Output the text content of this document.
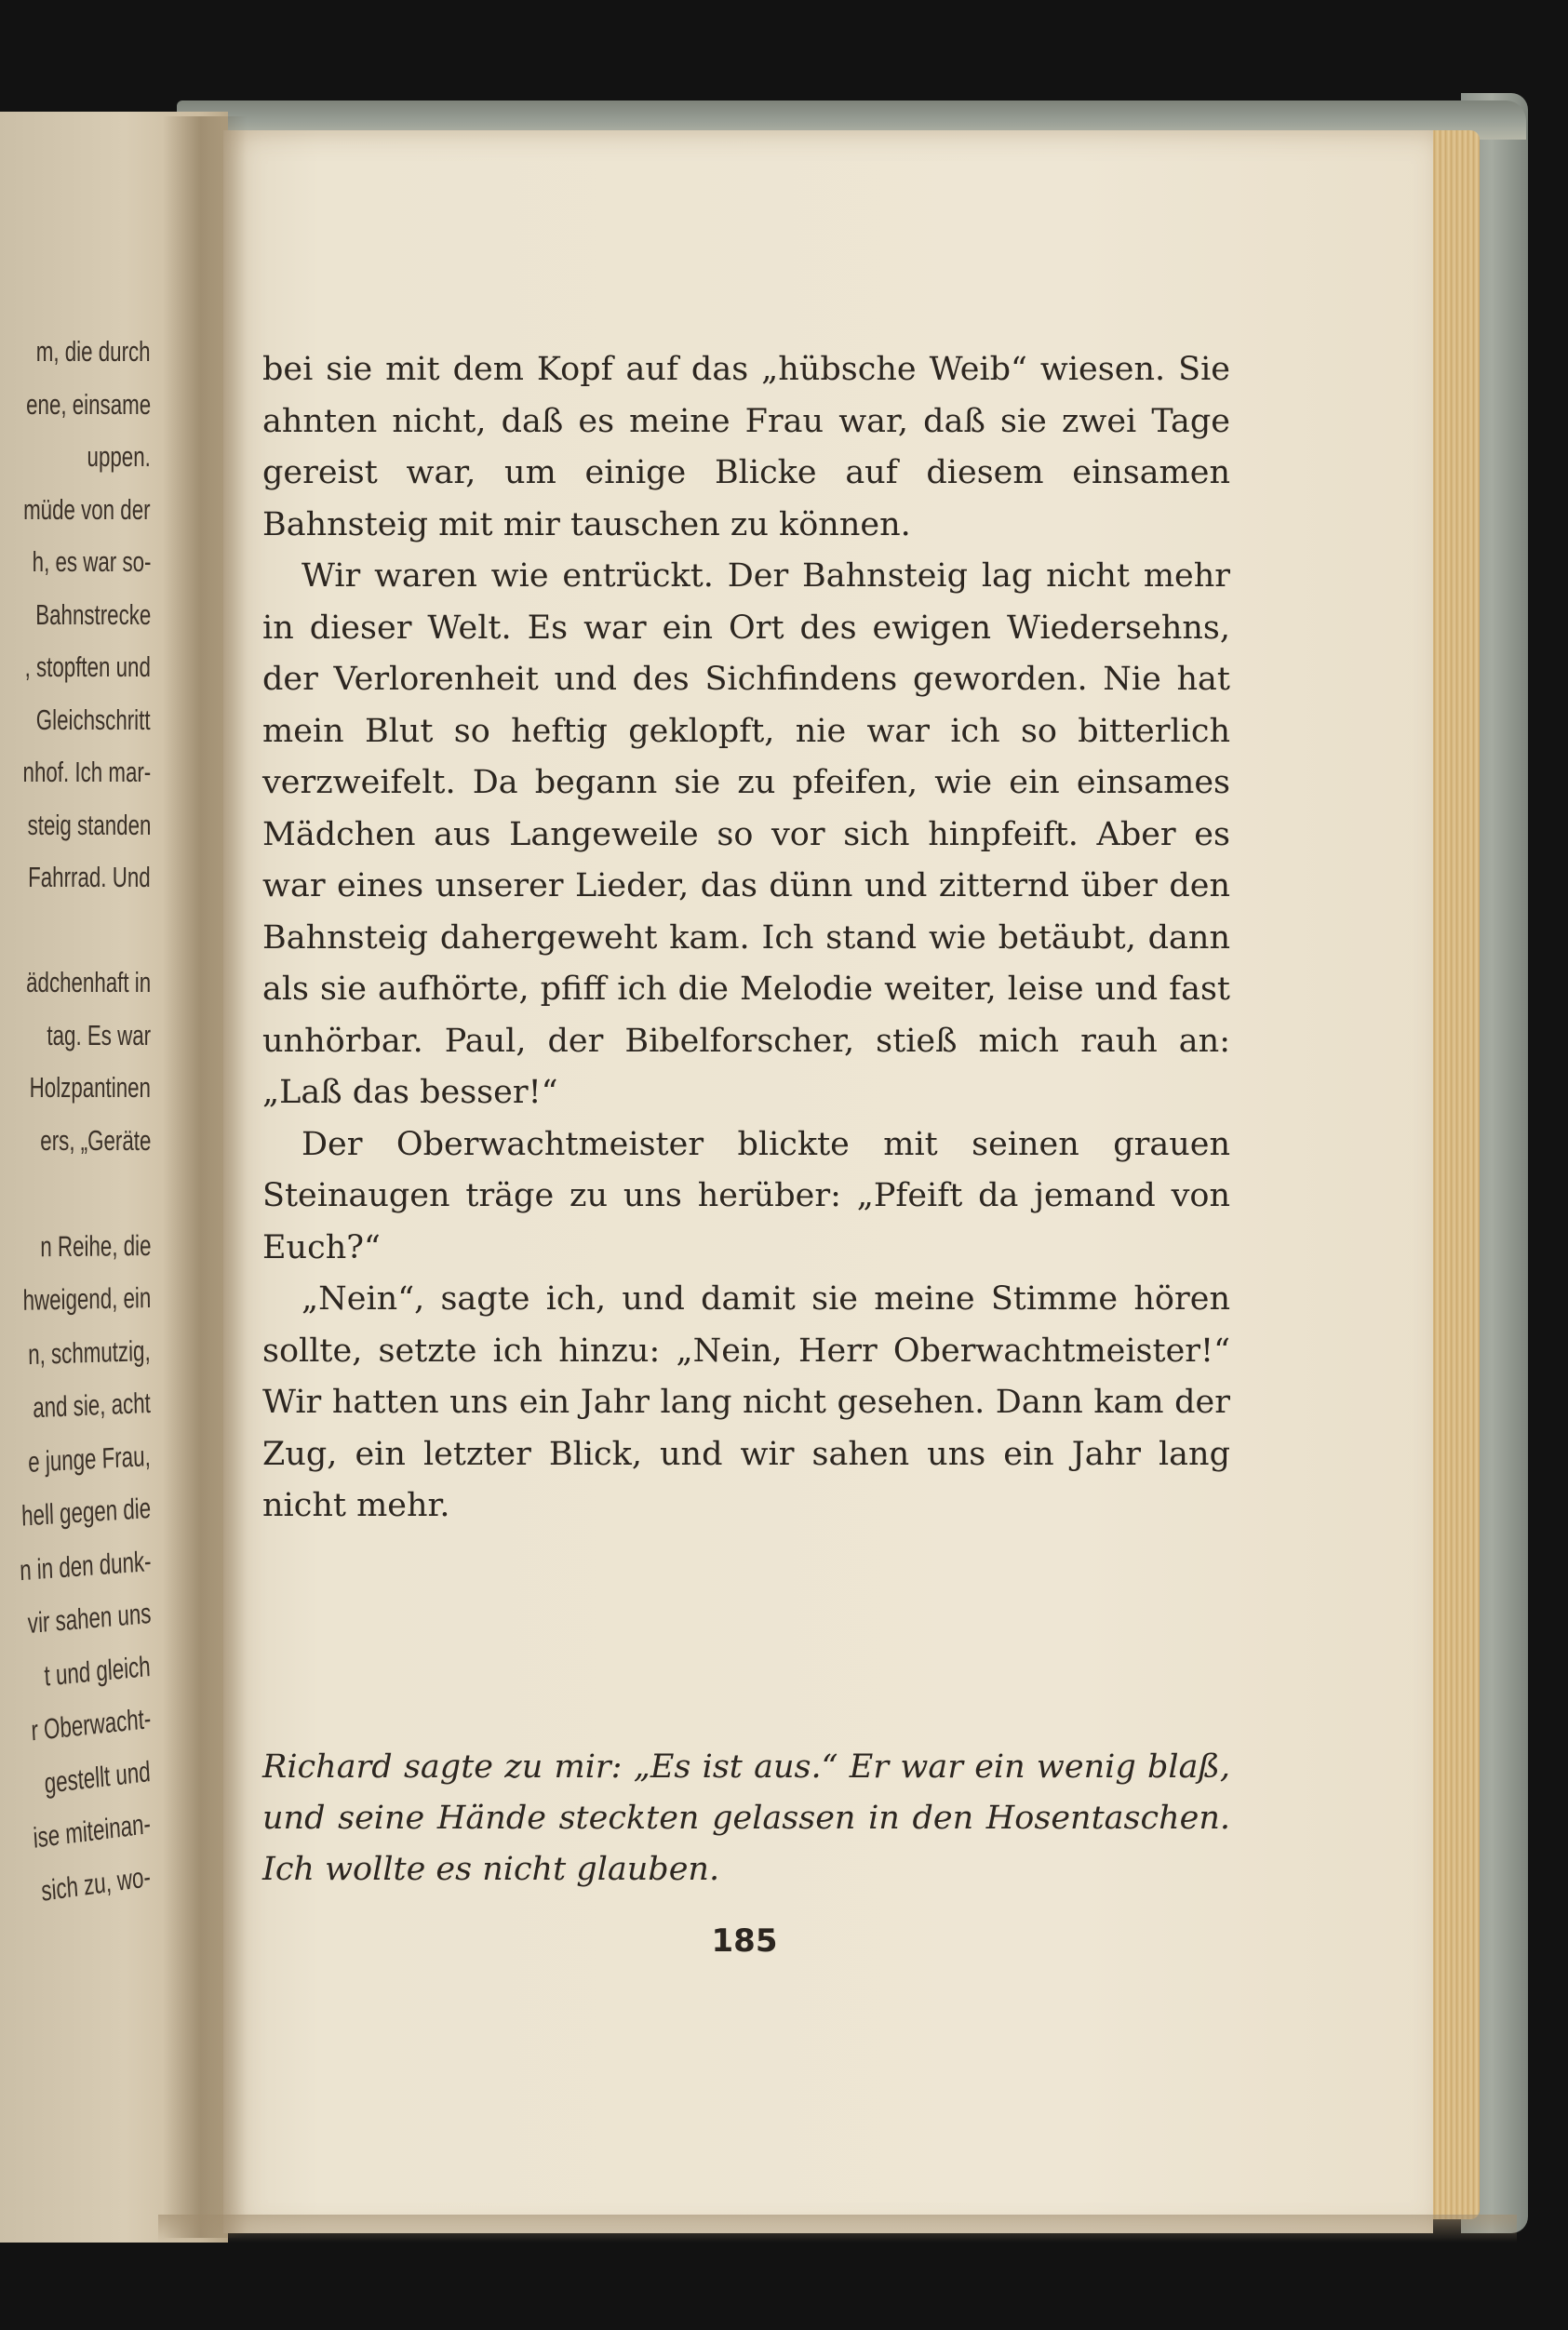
m, die durch
ene, einsame
uppen.
müde von der
h, es war so-
Bahnstrecke
, stopften und
Gleichschritt
nhof. Ich mar-
steig standen
Fahrrad. Und
ädchenhaft in
tag. Es war
Holzpantinen
ers, „Geräte
n Reihe, die
hweigend, ein
n, schmutzig,
and sie, acht
e junge Frau,
hell gegen die
n in den dunk-
vir sahen uns
t und gleich
r Oberwacht-
gestellt und
ise miteinan-
sich zu, wo-

bei sie mit dem Kopf auf das „hübsche Weib“ wiesen. Sie ahnten nicht, daß es meine Frau war, daß sie zwei Tage gereist war, um einige Blicke auf diesem einsamen Bahnsteig mit mir tauschen zu können.

Wir waren wie entrückt. Der Bahnsteig lag nicht mehr in dieser Welt. Es war ein Ort des ewigen Wiedersehns, der Verlorenheit und des Sichfindens geworden. Nie hat mein Blut so heftig geklopft, nie war ich so bitterlich verzweifelt. Da begann sie zu pfeifen, wie ein einsames Mädchen aus Langeweile so vor sich hinpfeift. Aber es war eines unserer Lieder, das dünn und zitternd über den Bahnsteig dahergeweht kam. Ich stand wie betäubt, dann als sie aufhörte, pfiff ich die Melodie weiter, leise und fast unhörbar. Paul, der Bibelforscher, stieß mich rauh an: „Laß das besser!“

Der Oberwachtmeister blickte mit seinen grauen Steinaugen träge zu uns herüber: „Pfeift da jemand von Euch?“

„Nein“, sagte ich, und damit sie meine Stimme hören sollte, setzte ich hinzu: „Nein, Herr Oberwachtmeister!“ Wir hatten uns ein Jahr lang nicht gesehen. Dann kam der Zug, ein letzter Blick, und wir sahen uns ein Jahr lang nicht mehr.

Richard sagte zu mir: „Es ist aus.“ Er war ein wenig blaß, und seine Hände steckten gelassen in den Hosentaschen. Ich wollte es nicht glauben.
185
